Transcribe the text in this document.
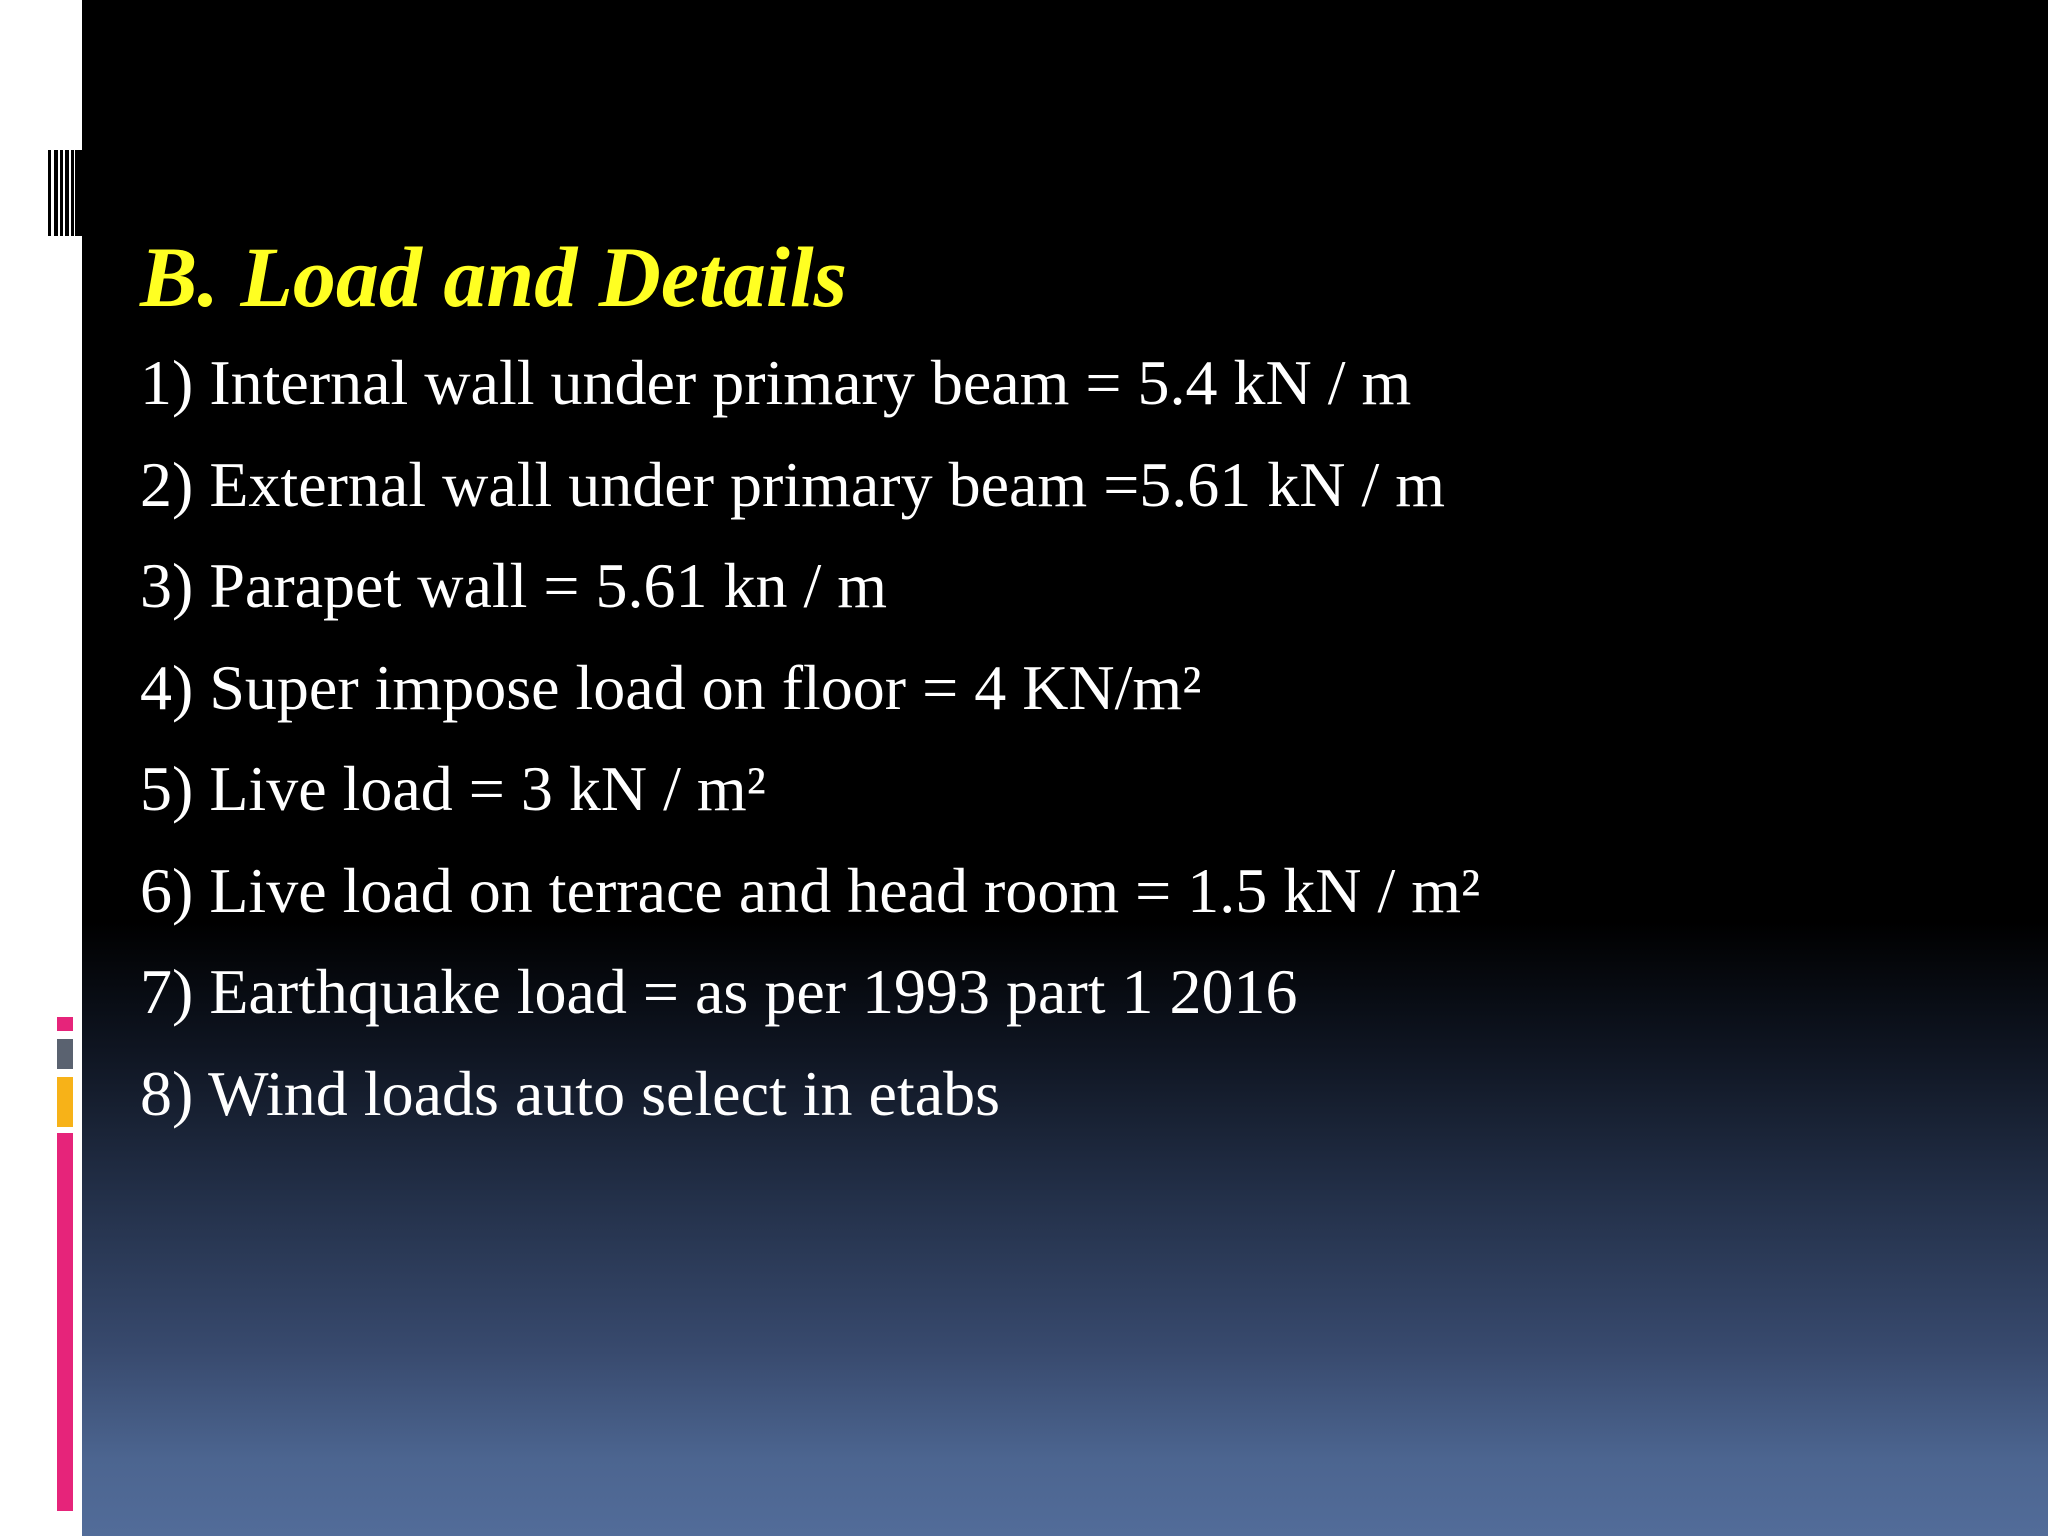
B. Load and Details
1) Internal wall under primary beam = 5.4 kN / m
2) External wall under primary beam =5.61 kN / m
3) Parapet wall = 5.61 kn / m
4) Super impose load on floor = 4 KN/m²
5) Live load = 3 kN / m²
6) Live load on terrace and head room = 1.5 kN / m²
7) Earthquake load = as per 1993 part 1 2016
8) Wind loads auto select in etabs
